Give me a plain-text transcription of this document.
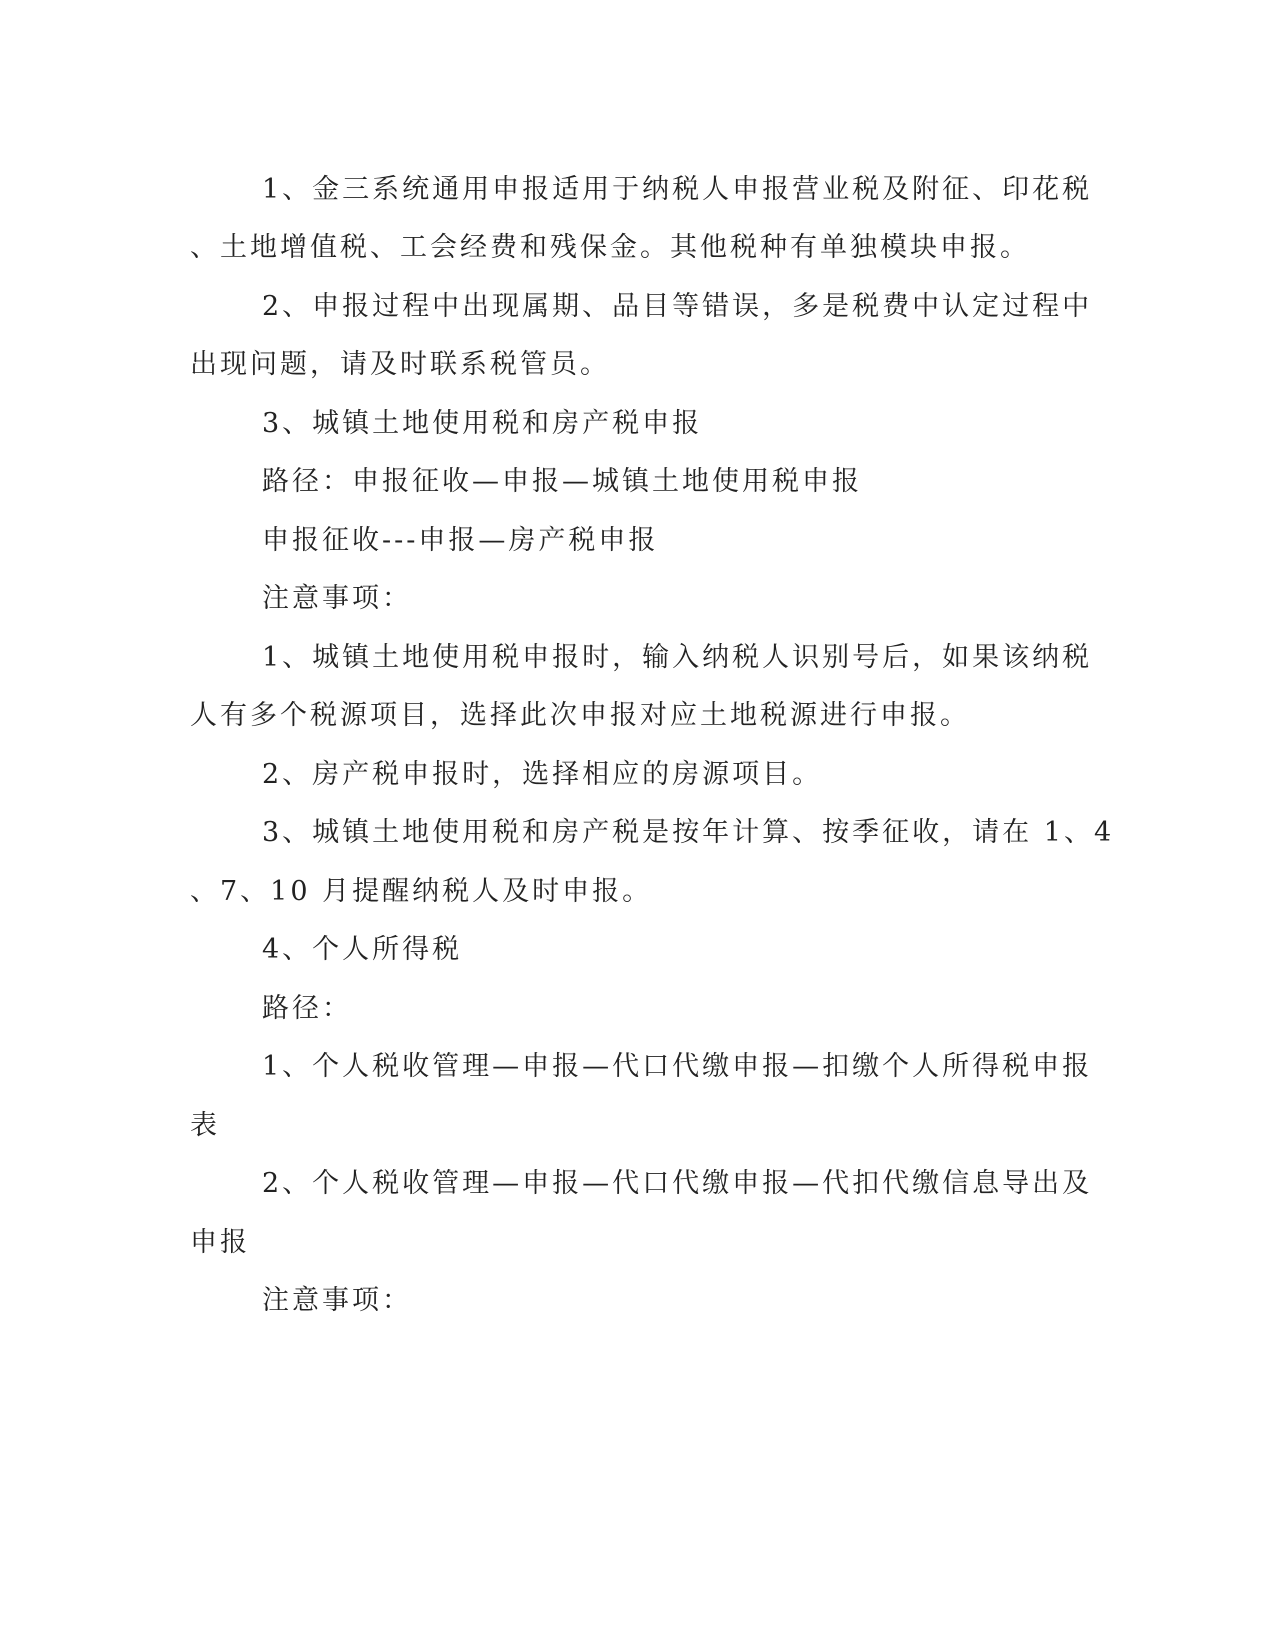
1、金三系统通用申报适用于纳税人申报营业税及附征、印花税

、土地增值税、工会经费和残保金。其他税种有单独模块申报。

2、申报过程中出现属期、品目等错误，多是税费中认定过程中

出现问题，请及时联系税管员。

3、城镇土地使用税和房产税申报

路径：申报征收—申报—城镇土地使用税申报

申报征收---申报—房产税申报

注意事项：

1、城镇土地使用税申报时，输入纳税人识别号后，如果该纳税

人有多个税源项目，选择此次申报对应土地税源进行申报。

2、房产税申报时，选择相应的房源项目。

3、城镇土地使用税和房产税是按年计算、按季征收，请在 1、4

、7、10 月提醒纳税人及时申报。

4、个人所得税

路径：

1、个人税收管理—申报—代口代缴申报—扣缴个人所得税申报

表

2、个人税收管理—申报—代口代缴申报—代扣代缴信息导出及

申报

注意事项：
